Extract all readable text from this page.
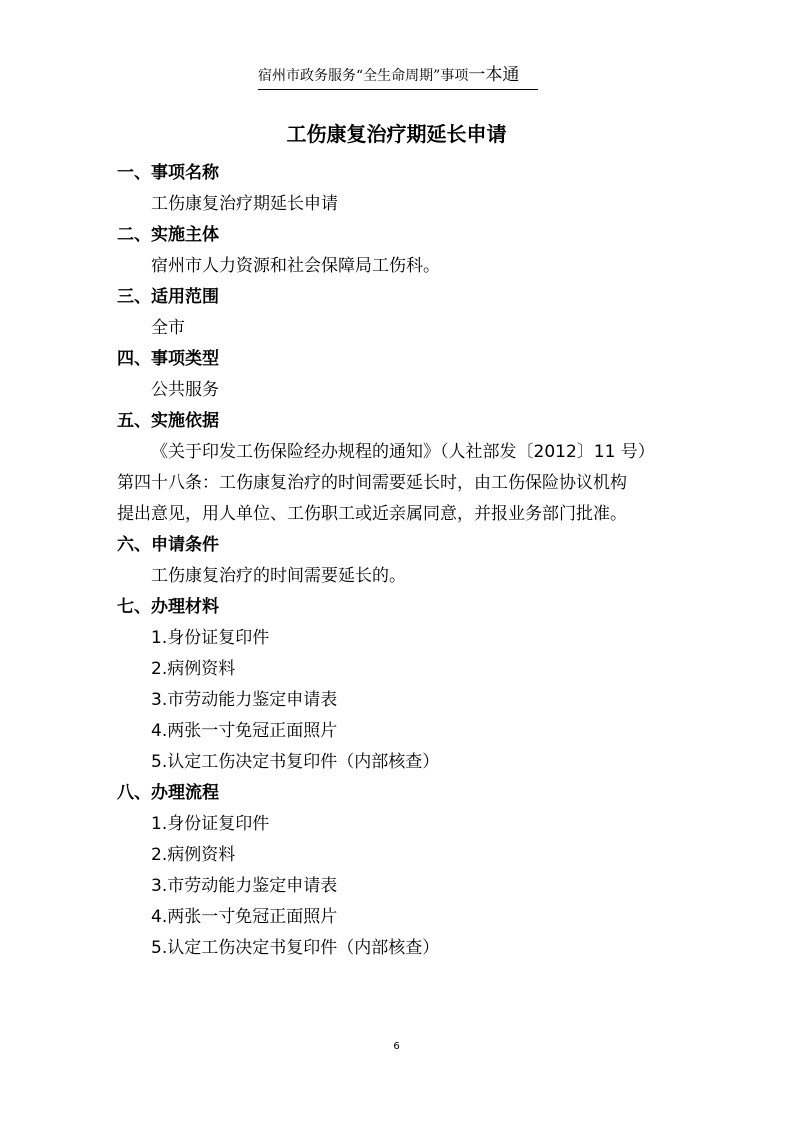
宿州市政务服务“全生命周期”事项一本通
工伤康复治疗期延长申请
一、事项名称
工伤康复治疗期延长申请
二、实施主体
宿州市人力资源和社会保障局工伤科。
三、适用范围
全市
四、事项类型
公共服务
五、实施依据
《关于印发工伤保险经办规程的通知》（人社部发〔2012〕11 号）
第四十八条：工伤康复治疗的时间需要延长时，由工伤保险协议机构
提出意见，用人单位、工伤职工或近亲属同意，并报业务部门批准。
六、申请条件
工伤康复治疗的时间需要延长的。
七、办理材料
1.身份证复印件
2.病例资料
3.市劳动能力鉴定申请表
4.两张一寸免冠正面照片
5.认定工伤决定书复印件（内部核查）
八、办理流程
1.身份证复印件
2.病例资料
3.市劳动能力鉴定申请表
4.两张一寸免冠正面照片
5.认定工伤决定书复印件（内部核查）
6
